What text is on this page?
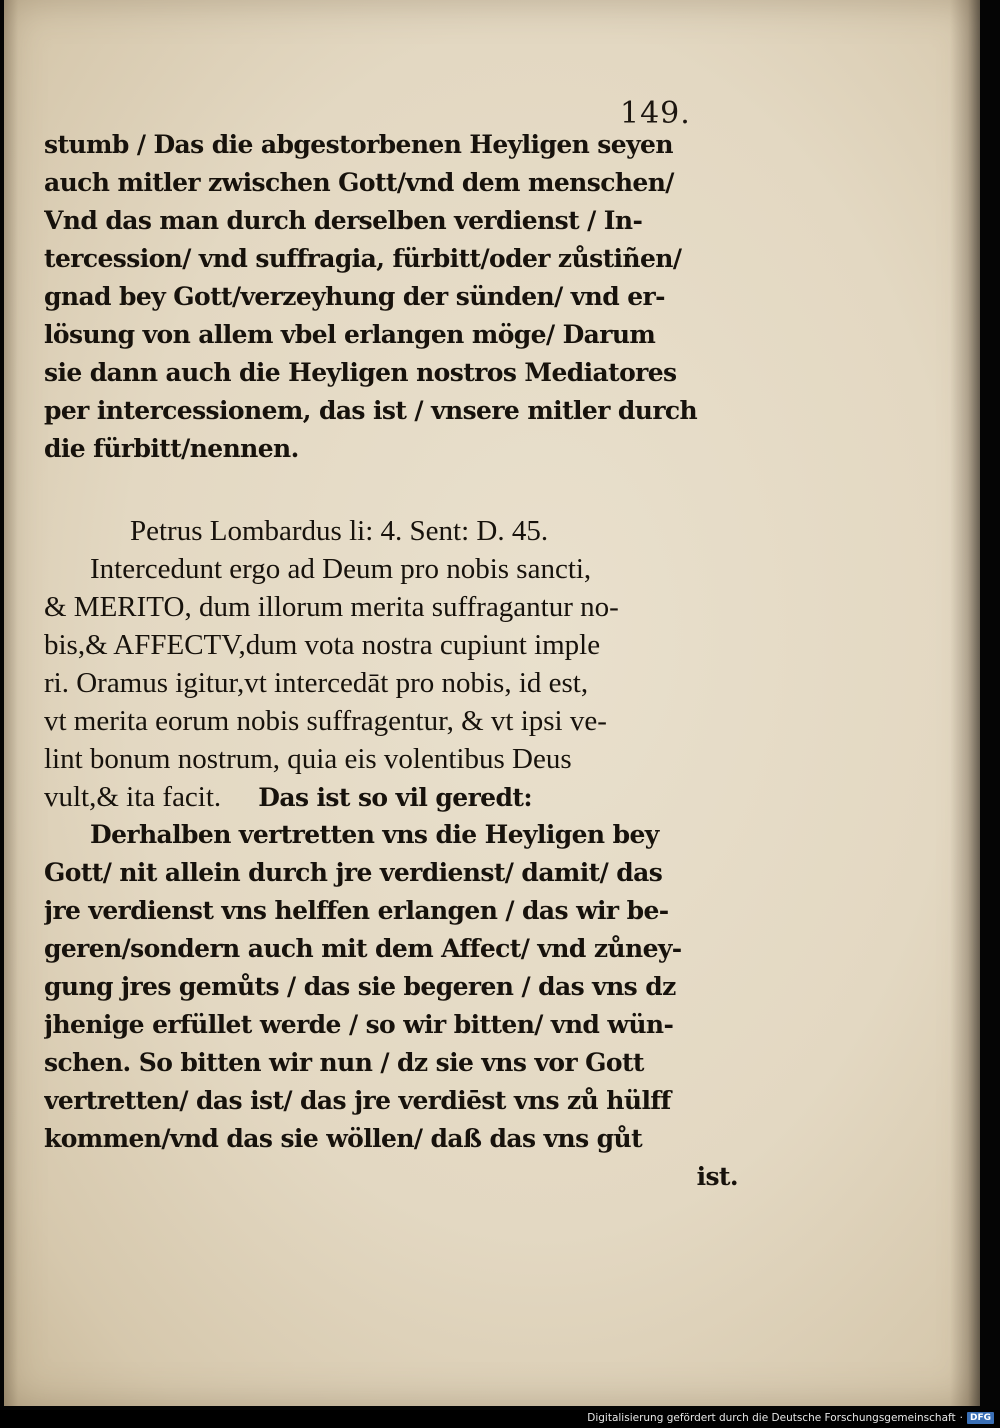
149.
stumb / Das die abgestorbenen Heyligen seyen
auch mitler zwischen Gott/vnd dem menschen/
Vnd das man durch derselben verdienst / In-
tercession/ vnd suffragia, fürbitt/oder zůstiñen/
gnad bey Gott/verzeyhung der sünden/ vnd er-
lösung von allem vbel erlangen möge/ Darum
sie dann auch die Heyligen nostros Mediatores
per intercessionem, das ist / vnsere mitler durch
die fürbitt/nennen.
Petrus Lombardus li: 4. Sent: D. 45.
Intercedunt ergo ad Deum pro nobis sancti,
& MERITO, dum illorum merita suffragantur no-
bis,& AFFECTV,dum vota nostra cupiunt imple
ri. Oramus igitur,vt intercedāt pro nobis, id est,
vt merita eorum nobis suffragentur, & vt ipsi ve-
lint bonum nostrum, quia eis volentibus Deus
vult,& ita facit. Das ist so vil geredt:
Derhalben vertretten vns die Heyligen bey
Gott/ nit allein durch jre verdienst/ damit/ das
jre verdienst vns helffen erlangen / das wir be-
geren/sondern auch mit dem Affect/ vnd zůney-
gung jres gemůts / das sie begeren / das vns dz
jhenige erfüllet werde / so wir bitten/ vnd wün-
schen. So bitten wir nun / dz sie vns vor Gott
vertretten/ das ist/ das jre verdiēst vns zů hülff
kommen/vnd das sie wöllen/ daß das vns gůt
ist.
Digitalisierung gefördert durch die Deutsche Forschungsgemeinschaft · DFG
